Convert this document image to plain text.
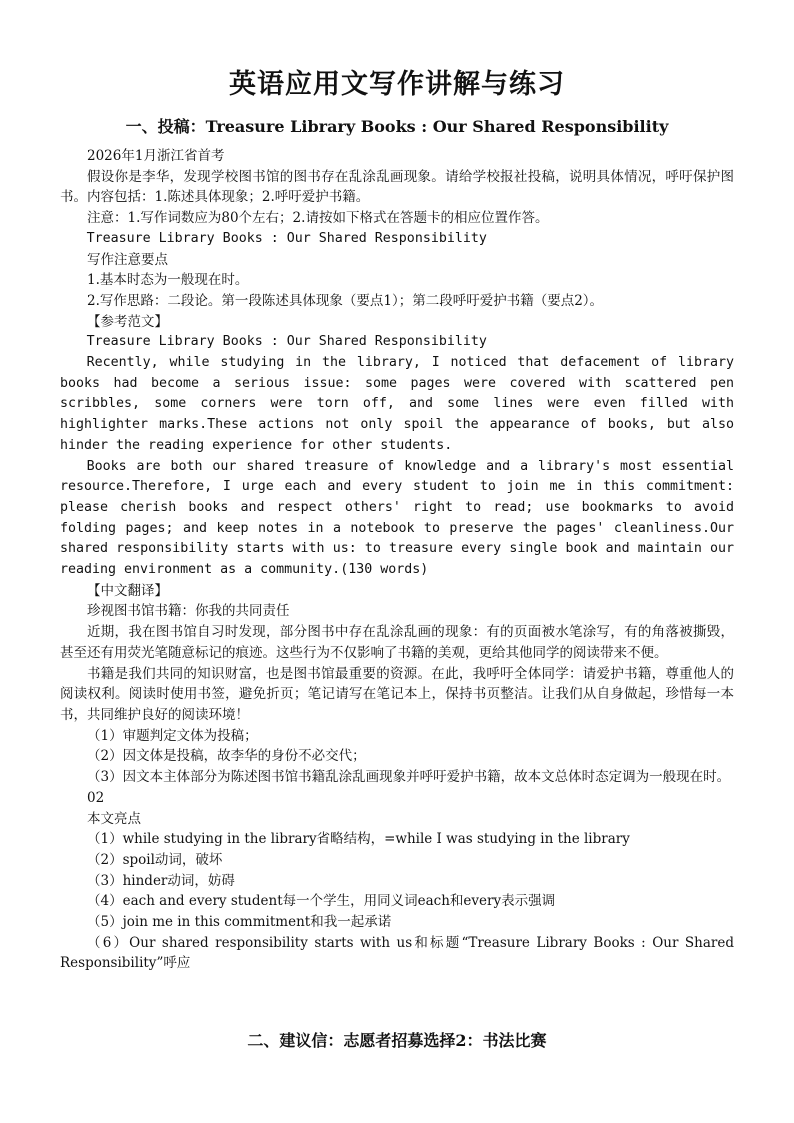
英语应用文写作讲解与练习
一、投稿：Treasure Library Books : Our Shared Responsibility

2026年1月浙江省首考

假设你是李华，发现学校图书馆的图书存在乱涂乱画现象。请给学校报社投稿，说明具体情况，呼吁保护图书。内容包括：1.陈述具体现象；2.呼吁爱护书籍。

注意：1.写作词数应为80个左右；2.请按如下格式在答题卡的相应位置作答。

Treasure Library Books : Our Shared Responsibility

写作注意要点

1.基本时态为一般现在时。

2.写作思路：二段论。第一段陈述具体现象（要点1）；第二段呼吁爱护书籍（要点2）。

【参考范文】

Treasure Library Books : Our Shared Responsibility

Recently, while studying in the library, I noticed that defacement of library books had become a serious issue: some pages were covered with scattered pen scribbles, some corners were torn off, and some lines were even filled with highlighter marks.These actions not only spoil the appearance of books, but also hinder the reading experience for other students.

Books are both our shared treasure of knowledge and a library's most essential resource.Therefore, I urge each and every student to join me in this commitment: please cherish books and respect others' right to read; use bookmarks to avoid folding pages; and keep notes in a notebook to preserve the pages' cleanliness.Our shared responsibility starts with us: to treasure every single book and maintain our reading environment as a community.(130 words)

【中文翻译】

珍视图书馆书籍：你我的共同责任

近期，我在图书馆自习时发现，部分图书中存在乱涂乱画的现象：有的页面被水笔涂写，有的角落被撕毁，甚至还有用荧光笔随意标记的痕迹。这些行为不仅影响了书籍的美观，更给其他同学的阅读带来不便。

书籍是我们共同的知识财富，也是图书馆最重要的资源。在此，我呼吁全体同学：请爱护书籍，尊重他人的阅读权利。阅读时使用书签，避免折页；笔记请写在笔记本上，保持书页整洁。让我们从自身做起，珍惜每一本书，共同维护良好的阅读环境！

（1）审题判定文体为投稿；

（2）因文体是投稿，故李华的身份不必交代；

（3）因文本主体部分为陈述图书馆书籍乱涂乱画现象并呼吁爱护书籍，故本文总体时态定调为一般现在时。

02

本文亮点

（1）while studying in the library省略结构，=while I was studying in the library

（2）spoil动词，破坏

（3）hinder动词，妨碍

（4）each and every student每一个学生，用同义词each和every表示强调

（5）join me in this commitment和我一起承诺

（6）Our shared responsibility starts with us和标题“Treasure Library Books : Our Shared Responsibility”呼应

二、建议信：志愿者招募选择2：书法比赛
